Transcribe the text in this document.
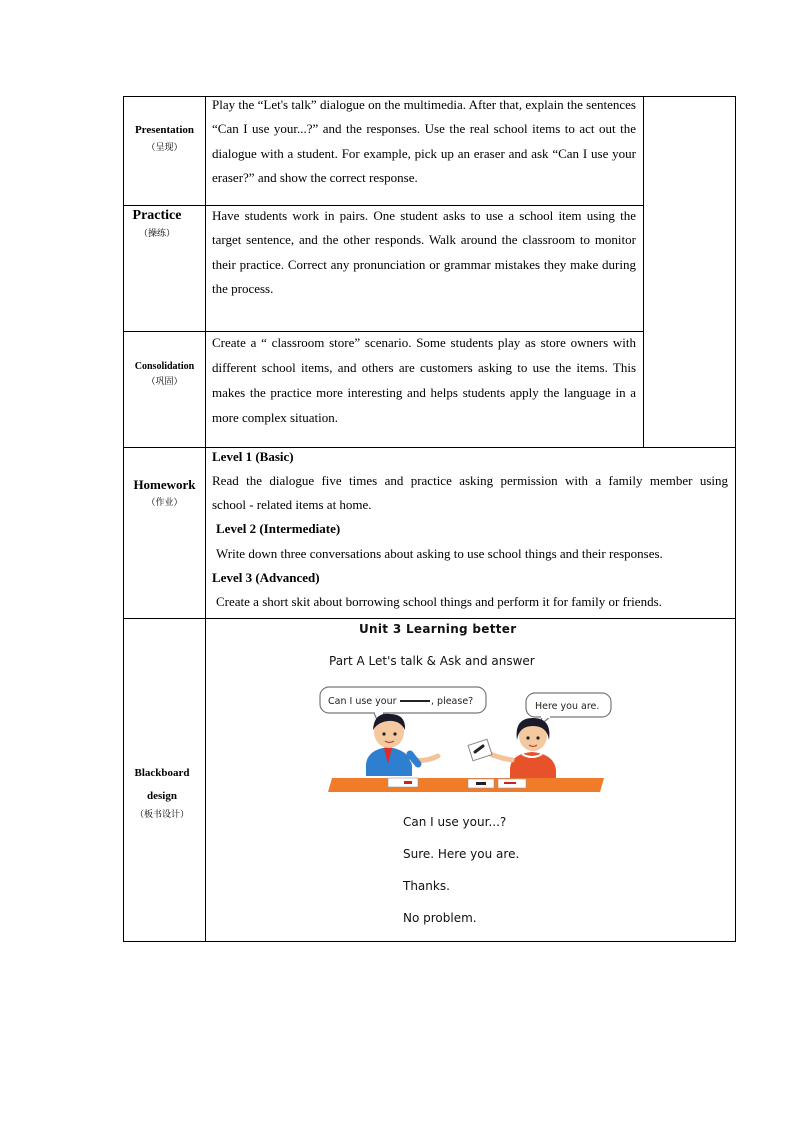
Presentation
（呈现）
Play the “Let's talk” dialogue on the multimedia. After that, explain the sentences “Can I use your...?” and the responses. Use the real school items to act out the dialogue with a student. For example, pick up an eraser and ask “Can I use your eraser?” and show the correct response.
Practice
（操练）
Have students work in pairs. One student asks to use a school item using the target sentence, and the other responds. Walk around the classroom to monitor their practice. Correct any pronunciation or grammar mistakes they make during the process.
Consolidation
（巩固）
Create a “ classroom store” scenario. Some students play as store owners with different school items, and others are customers asking to use the items. This makes the practice more interesting and helps students apply the language in a more complex situation.
Homework
（作业）
Level 1 (Basic)
Read the dialogue five times and practice asking permission with a family member using
school - related items at home.
Level 2 (Intermediate)
Write down three conversations about asking to use school things and their responses.
Level 3 (Advanced)
Create a short skit about borrowing school things and perform it for family or friends.
Blackboard
design
（板书设计）
Unit 3 Learning better
Part A Let's talk & Ask and answer
Can I use your	, please?	Here you are.
Can I use your...?
Sure. Here you are.
Thanks.
No problem.
